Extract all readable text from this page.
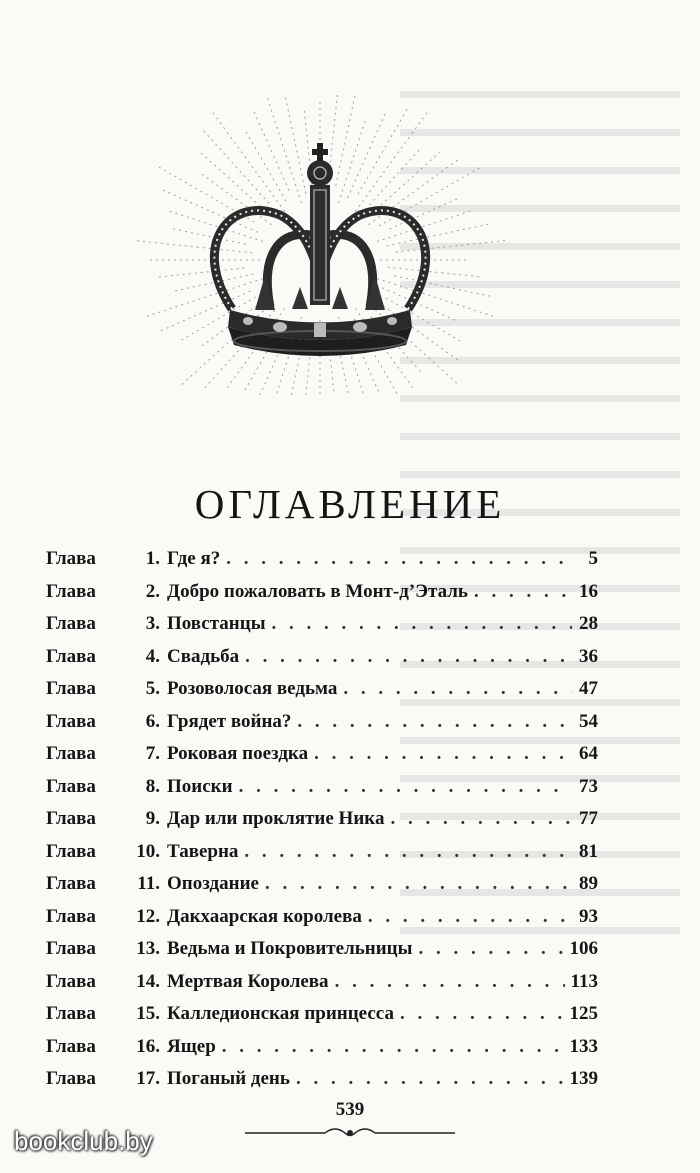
ОГЛАВЛЕНИЕ
Глава	1. Где я? . . .	5
Глава	2. Добро пожаловать в Монт-д’Эталь . . .	16
Глава	3. Повстанцы . . .	28
Глава	4. Свадьба . . .	36
Глава	5. Розоволосая ведьма . . .	47
Глава	6. Грядет война? . . .	54
Глава	7. Роковая поездка . . .	64
Глава	8. Поиски . . .	73
Глава	9. Дар или проклятие Ника . . .	77
Глава	10. Таверна . . .	81
Глава	11. Опоздание . . .	89
Глава	12. Дакхаарская королева . . .	93
Глава	13. Ведьма и Покровительницы . . .	106
Глава	14. Мертвая Королева . . .	113
Глава	15. Калледионская принцесса . . .	125
Глава	16. Ящер . . .	133
Глава	17. Поганый день . . .	139
539
bookclub.by
